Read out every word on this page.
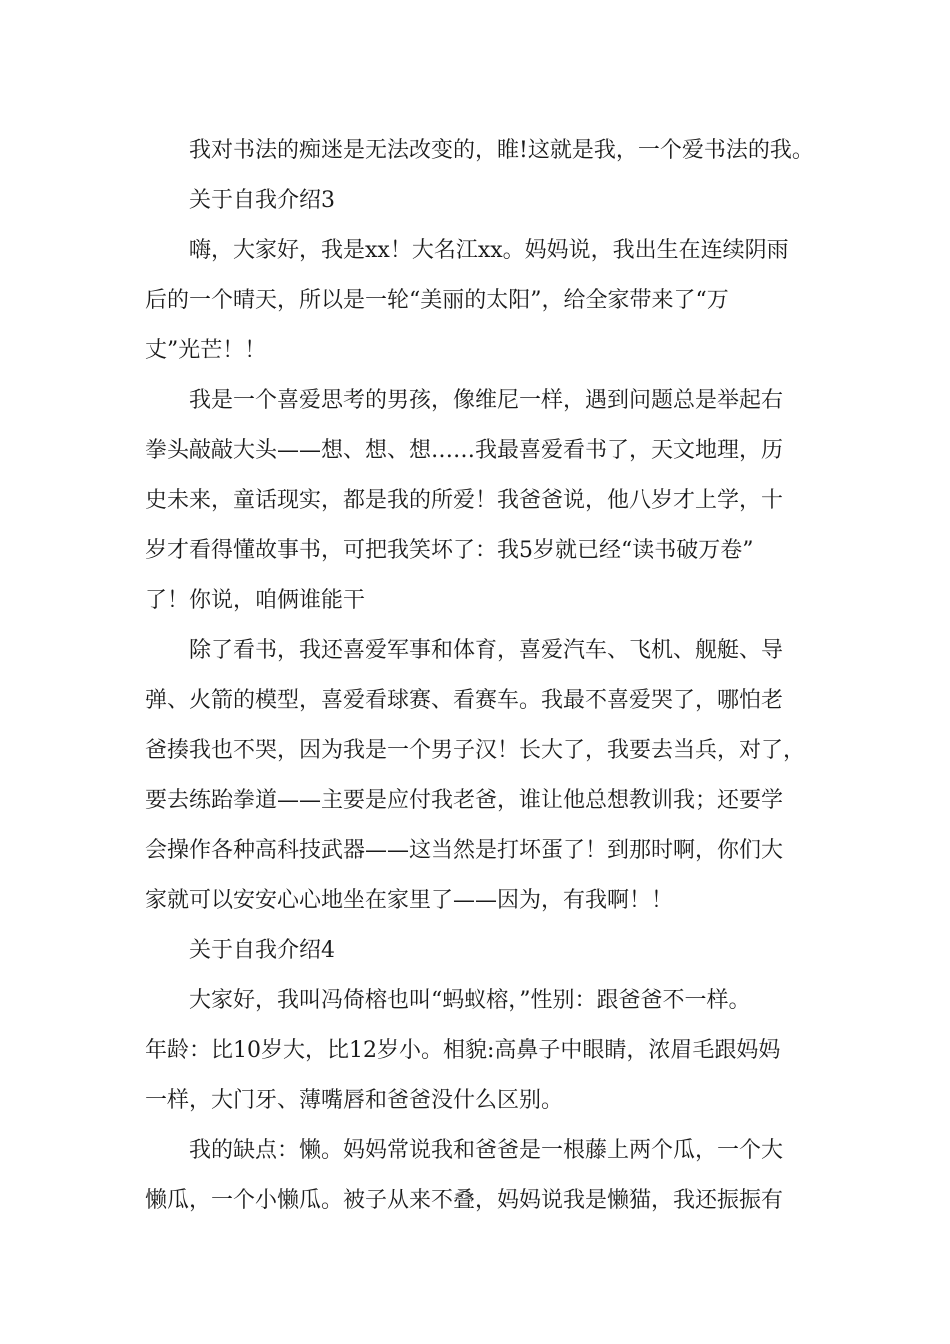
我对书法的痴迷是无法改变的，睢!这就是我，一个爱书法的我。

关于自我介绍3

嗨，大家好，我是xx！大名江xx。妈妈说，我出生在连续阴雨

后的一个晴天，所以是一轮“美丽的太阳”，给全家带来了“万

丈”光芒！！

我是一个喜爱思考的男孩，像维尼一样，遇到问题总是举起右

拳头敲敲大头——想、想、想……我最喜爱看书了，天文地理，历

史未来，童话现实，都是我的所爱！我爸爸说，他八岁才上学，十

岁才看得懂故事书，可把我笑坏了：我5岁就已经“读书破万卷”

了！你说，咱俩谁能干

除了看书，我还喜爱军事和体育，喜爱汽车、飞机、舰艇、导

弹、火箭的模型，喜爱看球赛、看赛车。我最不喜爱哭了，哪怕老

爸揍我也不哭，因为我是一个男子汉！长大了，我要去当兵，对了，

要去练跆拳道——主要是应付我老爸，谁让他总想教训我；还要学

会操作各种高科技武器——这当然是打坏蛋了！到那时啊，你们大

家就可以安安心心地坐在家里了——因为，有我啊！！

关于自我介绍4

大家好，我叫冯倚榕也叫“蚂蚁榕，”性别：跟爸爸不一样。

年龄：比10岁大，比12岁小。相貌:高鼻子中眼睛，浓眉毛跟妈妈

一样，大门牙、薄嘴唇和爸爸没什么区别。

我的缺点：懒。妈妈常说我和爸爸是一根藤上两个瓜，一个大

懒瓜，一个小懒瓜。被子从来不叠，妈妈说我是懒猫，我还振振有
